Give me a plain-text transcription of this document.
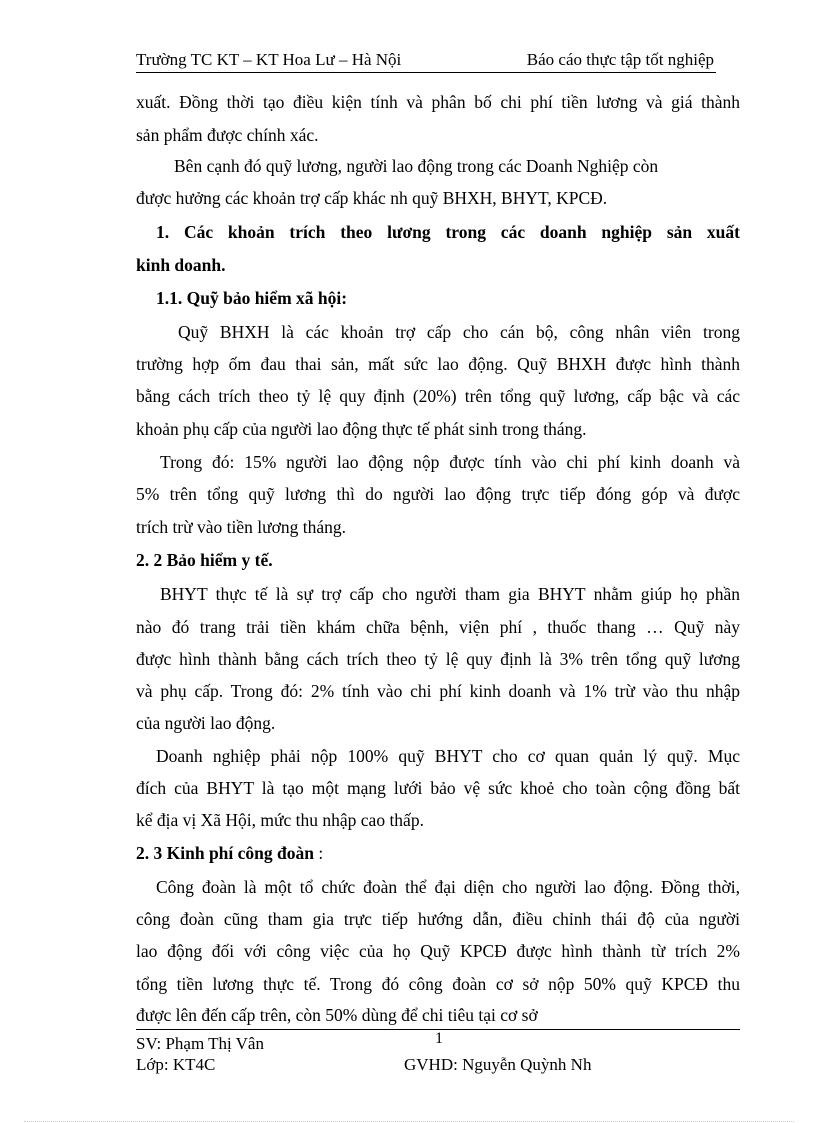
Trường TC KT – KT Hoa Lư – Hà Nội	Báo cáo thực tập tốt nghiệp
xuất. Đồng thời tạo điều kiện tính và phân bố chi phí tiền lương và giá thành
sản phẩm được chính xác.
Bên cạnh đó quỹ lương, người lao động trong các Doanh Nghiệp còn
được hưởng các khoản trợ cấp khác nh quỹ BHXH, BHYT, KPCĐ.
1. Các khoản trích theo lương trong các doanh nghiệp sản xuất
kinh doanh.
1.1. Quỹ bảo hiểm xã hội:
Quỹ BHXH là các khoản trợ cấp cho cán bộ, công nhân viên trong
trường hợp ốm đau thai sản, mất sức lao động. Quỹ BHXH được hình thành
bằng cách trích theo tỷ lệ quy định (20%) trên tổng quỹ lương, cấp bậc và các
khoản phụ cấp của người lao động thực tế phát sinh trong tháng.
Trong đó: 15% người lao động nộp được tính vào chi phí kinh doanh và
5% trên tổng quỹ lương thì do người lao động trực tiếp đóng góp và được
trích trừ vào tiền lương tháng.
2. 2 Bảo hiểm y tế.
BHYT thực tế là sự trợ cấp cho người tham gia BHYT nhằm giúp họ phần
nào đó trang trải tiền khám chữa bệnh, viện phí , thuốc thang … Quỹ này
được hình thành bằng cách trích theo tỷ lệ quy định là 3% trên tổng quỹ lương
và phụ cấp. Trong đó: 2% tính vào chi phí kinh doanh và 1% trừ vào thu nhập
của người lao động.
Doanh nghiệp phải nộp 100% quỹ BHYT cho cơ quan quản lý quỹ. Mục
đích của BHYT là tạo một mạng lưới bảo vệ sức khoẻ cho toàn cộng đồng bất
kể địa vị Xã Hội, mức thu nhập cao thấp.
2. 3 Kinh phí công đoàn :
Công đoàn là một tổ chức đoàn thể đại diện cho người lao động. Đồng thời,
công đoàn cũng tham gia trực tiếp hướng dẫn, điều chỉnh thái độ của người
lao động đối với công việc của họ Quỹ KPCĐ được hình thành từ trích 2%
tổng tiền lương thực tế. Trong đó công đoàn cơ sở nộp 50% quỹ KPCĐ thu
được lên đến cấp trên, còn 50% dùng để chi tiêu tại cơ sở
1
SV: Phạm Thị Vân
Lớp: KT4C	GVHD: Nguyễn Quỳnh Nh
